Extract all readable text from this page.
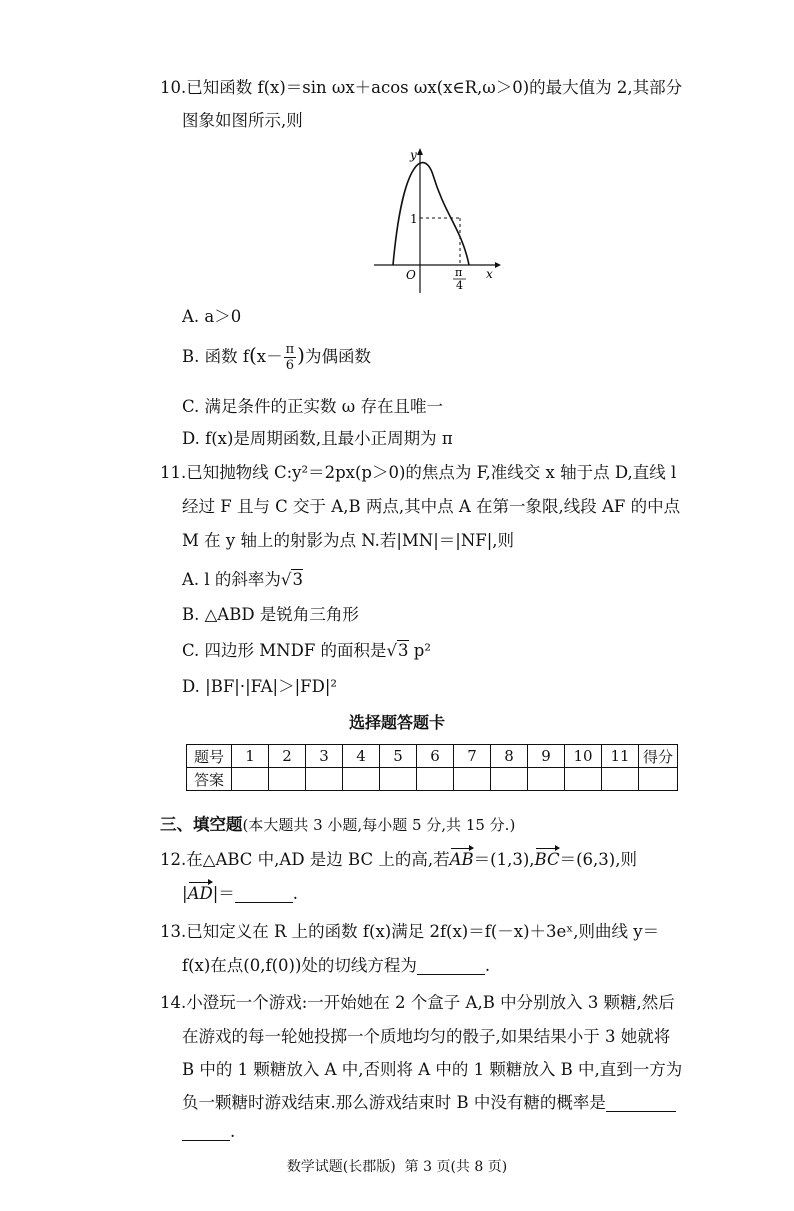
10.已知函数 f(x)＝sin ωx＋acos ωx(x∈R,ω＞0)的最大值为 2,其部分
图象如图所示,则
y
x
O
1
π
4
A. a＞0
B. 函数 $f(x- \frac{\pi}{6}$ )为偶函数
C. 满足条件的正实数 ω 存在且唯一
D. f(x)是周期函数,且最小正周期为 π
11.已知抛物线 C:y²＝2px(p＞0)的焦点为 F,准线交 x 轴于点 D,直线 l
经过 F 且与 C 交于 A,B 两点,其中点 A 在第一象限,线段 AF 的中点
M 在 y 轴上的射影为点 N.若|MN|＝|NF|,则
A. l 的斜率为√3
B. △ABD 是锐角三角形
C. 四边形 MNDF 的面积是√3 p²
D. |BF|·|FA|＞|FD|²
选择题答题卡
题号	1	2	3	4	5	6	7	8	9	10	11	得分
答案												
三、填空题(本大题共 3 小题,每小题 5 分,共 15 分.)
12.在△ABC 中,AD 是边 BC 上的高,若AB＝(1,3),BC＝(6,3),则
|AD|＝	.
13.已知定义在 R 上的函数 f(x)满足 2f(x)＝f(－x)＋3eˣ,则曲线 y＝
f(x)在点(0,f(0))处的切线方程为	.
14.小澄玩一个游戏:一开始她在 2 个盒子 A,B 中分别放入 3 颗糖,然后
在游戏的每一轮她投掷一个质地均匀的骰子,如果结果小于 3 她就将
B 中的 1 颗糖放入 A 中,否则将 A 中的 1 颗糖放入 B 中,直到一方为
负一颗糖时游戏结束.那么游戏结束时 B 中没有糖的概率是
.
数学试题(长郡版)  第 3 页(共 8 页)
